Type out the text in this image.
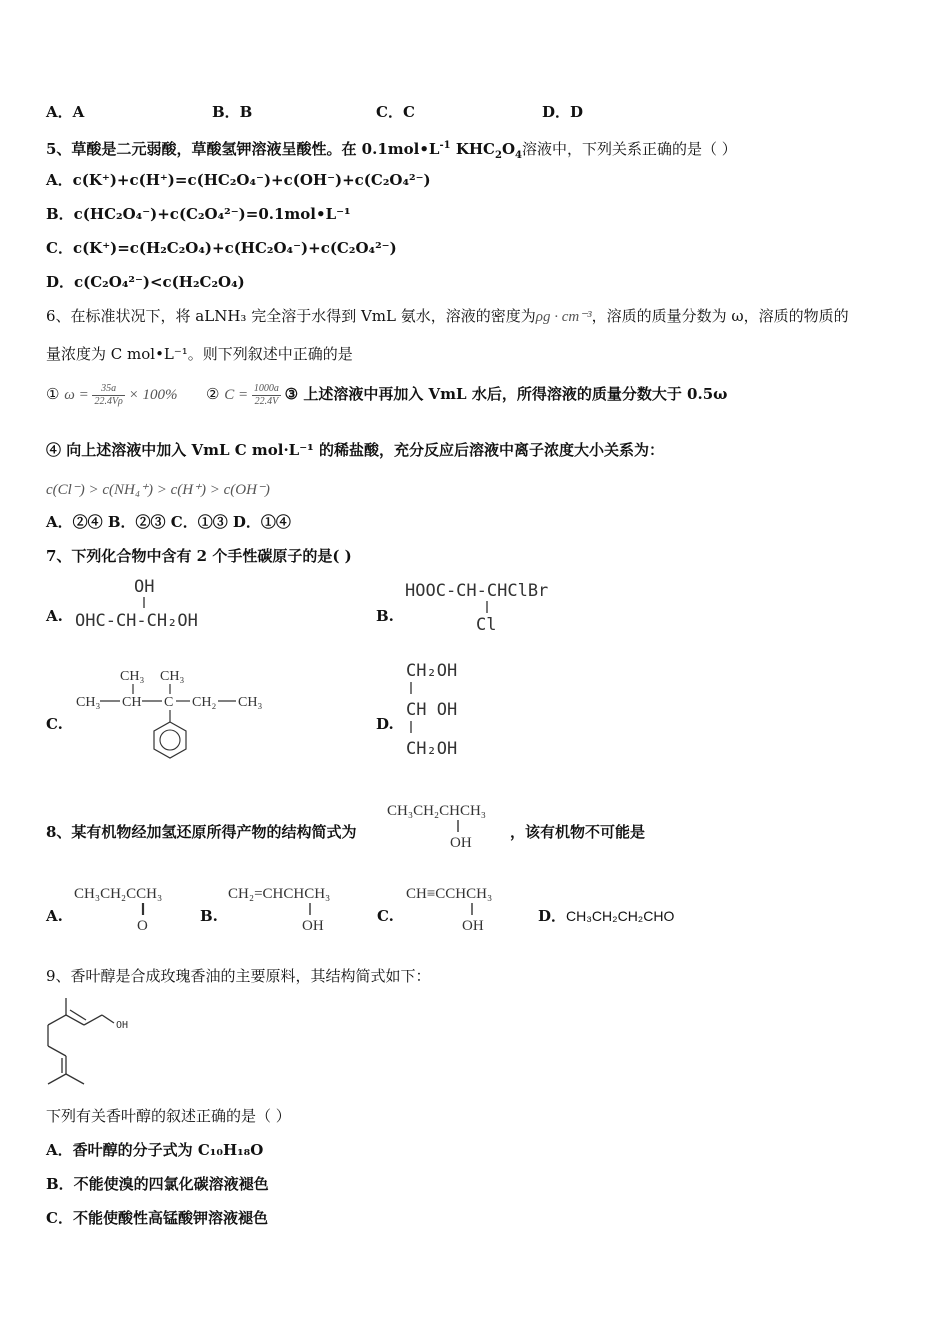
A．A	B．B	C．C	D．D
5、草酸是二元弱酸，草酸氢钾溶液呈酸性。在 $0.1mol•L^{-1}$ $KHC_2O_4$溶液中，下列关系正确的是（ ）
A．c(K⁺)+c(H⁺)=c(HC₂O₄⁻)+c(OH⁻)+c(C₂O₄²⁻)
B．c(HC₂O₄⁻)+c(C₂O₄²⁻)=0.1mol•L⁻¹
C．c(K⁺)=c(H₂C₂O₄)+c(HC₂O₄⁻)+c(C₂O₄²⁻)
D．c(C₂O₄²⁻)<c(H₂C₂O₄)
6、在标准状况下，将 aLNH₃ 完全溶于水得到 VmL 氨水，溶液的密度为ρg · cm⁻³，溶质的质量分数为 ω，溶质的物质的
量浓度为 C mol•L⁻¹。则下列叙述中正确的是
① $\omega = \frac{35a}{22.4V\rho} \times 100\%$ ② $C = \frac{1000a}{22.4V}$ ③ 上述溶液中再加入 VmL 水后，所得溶液的质量分数大于 0.5ω
④ 向上述溶液中加入 VmL C mol·L⁻¹ 的稀盐酸，充分反应后溶液中离子浓度大小关系为：
c(Cl⁻) > c(NH₄⁺) > c(H⁺) > c(OH⁻)
A．②④ B．②③ C．①③ D．①④
7、下列化合物中含有 2 个手性碳原子的是( )
A.	B.
C.	D.
OH
OHC-CH-CH₂OH
HOOC-CH-CHClBr
Cl
CH₃ CH₃
CH₃ CH C CH₂ CH₃
CH₂OH
CH OH
CH₂OH
8、某有机物经加氢还原所得产物的结构简式为
CH₃CH₂CHCH₃
OH
，该有机物不可能是
A.
CH₃CH₂CCH₃
O
B.
CH₂=CHCHCH₃
OH
C.
CH≡CCHCH₃
OH
D． CH₃CH₂CH₂CHO
9、香叶醇是合成玫瑰香油的主要原料，其结构简式如下：
OH
下列有关香叶醇的叙述正确的是（ ）
A．香叶醇的分子式为 C₁₀H₁₈O
B．不能使溴的四氯化碳溶液褪色
C．不能使酸性高锰酸钾溶液褪色
